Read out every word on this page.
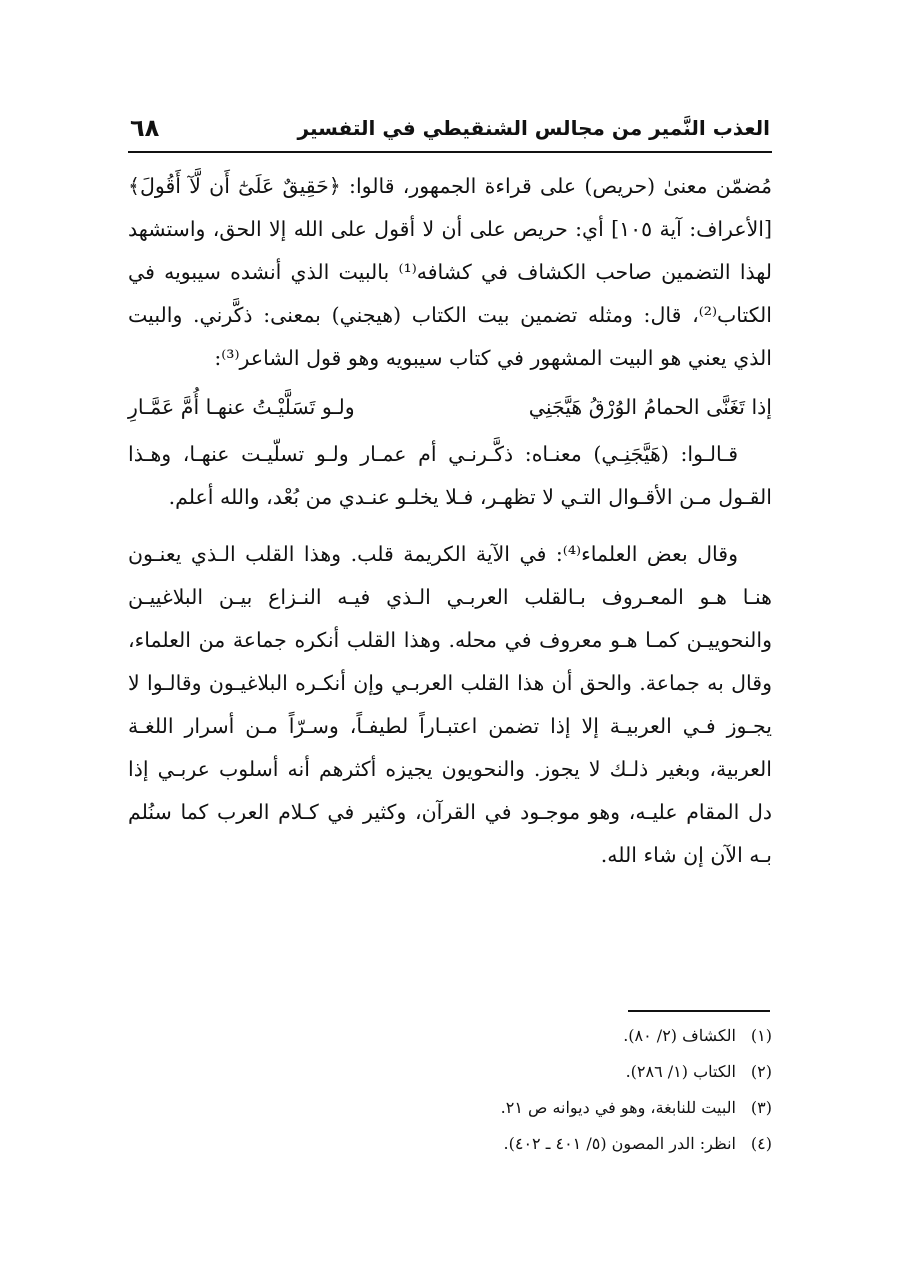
العذب النَّمير من مجالس الشنقيطي في التفسير
٦٨

مُضمّن معنىٰ (حريص) على قراءة الجمهور، قالوا: ﴿حَقِيقٌ عَلَىٰٓ أَن لَّآ أَقُولَ﴾ [الأعراف: آية ١٠٥] أي: حريص على أن لا أقول على الله إلا الحق، واستشهد لهذا التضمين صاحب الكشاف في كشافه⁽¹⁾ بالبيت الذي أنشده سيبويه في الكتاب⁽²⁾، قال: ومثله تضمين بيت الكتاب (هيجني) بمعنى: ذكَّرني. والبيت الذي يعني هو البيت المشهور في كتاب سيبويه وهو قول الشاعر⁽³⁾:

إذا تَغَنَّى الحمامُ الوُرْقُ هَيَّجَنِي
ولـو تَسَلَّيْـتُ عنهـا أُمَّ عَمَّـارِ

قـالـوا: (هَيَّجَنِـي) معنـاه: ذكَّـرنـي أم عمـار ولـو تسلّيـت عنهـا، وهـذا القـول مـن الأقـوال التـي لا تظهـر، فـلا يخلـو عنـدي من بُعْد، والله أعلم.

وقال بعض العلماء⁽⁴⁾: في الآية الكريمة قلب. وهذا القلب الـذي يعنـون هنـا هـو المعـروف بـالقلب العربـي الـذي فيـه النـزاع بيـن البلاغييـن والنحوييـن كمـا هـو معروف في محله. وهذا القلب أنكره جماعة من العلماء، وقال به جماعة. والحق أن هذا القلب العربـي وإن أنكـره البلاغيـون وقالـوا لا يجـوز فـي العربيـة إلا إذا تضمن اعتبـاراً لطيفـاً، وسـرّاً مـن أسرار اللغـة العربية، وبغير ذلـك لا يجوز. والنحويون يجيزه أكثرهم أنه أسلوب عربـي إذا دل المقام عليـه، وهو موجـود في القرآن، وكثير في كـلام العرب كما سنُلم بـه الآن إن شاء الله.

(١)
الكشاف (٢/ ٨٠).
(٢)
الكتاب (١/ ٢٨٦).
(٣)
البيت للنابغة، وهو في ديوانه ص ٢١.
(٤)
انظر: الدر المصون (٥/ ٤٠١ ـ ٤٠٢).
